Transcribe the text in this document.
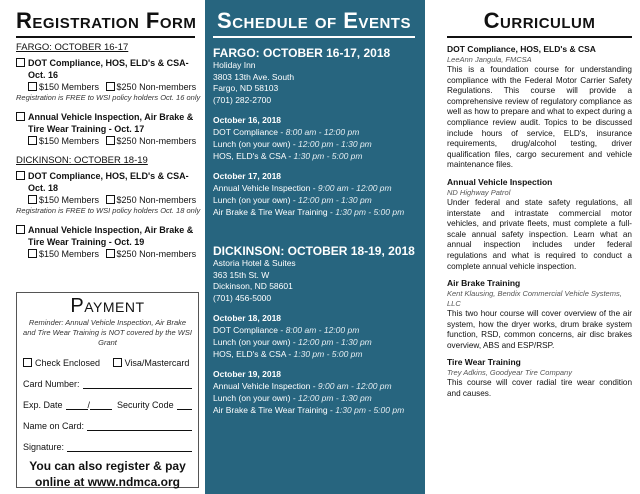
Registration Form
FARGO: OCTOBER 16-17
DOT Compliance, HOS, ELD's & CSA-Oct. 16
$150 Members $250 Non-members
Registration is FREE to WSI policy holders Oct. 16 only
Annual Vehicle Inspection, Air Brake & Tire Wear Training - Oct. 17
$150 Members $250 Non-members
DICKINSON: OCTOBER 18-19
DOT Compliance, HOS, ELD's & CSA-Oct. 18
$150 Members $250 Non-members
Registration is FREE to WSI policy holders Oct. 18 only
Annual Vehicle Inspection, Air Brake & Tire Wear Training - Oct. 19
$150 Members $250 Non-members
Payment
Reminder: Annual Vehicle Inspection, Air Brake and Tire Wear Training is NOT covered by the WSI Grant
Check Enclosed	Visa/Mastercard
Card Number:
Exp. Date	/	Security Code
Name on Card:
Signature:
You can also register & pay online at www.ndmca.org
Schedule of Events
FARGO: OCTOBER 16-17, 2018
Holiday Inn
3803 13th Ave. South
Fargo, ND 58103
(701) 282-2700
October 16, 2018
DOT Compliance - 8:00 am - 12:00 pm
Lunch (on your own) - 12:00 pm - 1:30 pm
HOS, ELD's & CSA - 1:30 pm - 5:00 pm
October 17, 2018
Annual Vehicle Inspection - 9:00 am - 12:00 pm
Lunch (on your own) - 12:00 pm - 1:30 pm
Air Brake & Tire Wear Training - 1:30 pm - 5:00 pm
DICKINSON: OCTOBER 18-19, 2018
Astoria Hotel & Suites
363 15th St. W
Dickinson, ND 58601
(701) 456-5000
October 18, 2018
DOT Compliance - 8:00 am - 12:00 pm
Lunch (on your own) - 12:00 pm - 1:30 pm
HOS, ELD's & CSA - 1:30 pm - 5:00 pm
October 19, 2018
Annual Vehicle Inspection - 9:00 am - 12:00 pm
Lunch (on your own) - 12:00 pm - 1:30 pm
Air Brake & Tire Wear Training - 1:30 pm - 5:00 pm
Curriculum
DOT Compliance, HOS, ELD's & CSA
LeeAnn Jangula, FMCSA
This is a foundation course for understanding compliance with the Federal Motor Carrier Safety Regulations. This course will provide a comprehensive review of regulatory compliance as well as how to prepare and what to expect during a compliance review audit. Topics to be discussed include hours of service, ELD's, insurance requirements, drug/alcohol testing, driver qualification files, cargo securement and vehicle maintenance files.
Annual Vehicle Inspection
ND Highway Patrol
Under federal and state safety regulations, all interstate and intrastate commercial motor vehicles, and private fleets, must complete a full-scale annual safety inspection. Learn what an annual inspection includes under federal regulations and what is required to conduct a complete annual vehicle inspection.
Air Brake Training
Kent Klausing, Bendix Commercial Vehicle Systems, LLC
This two hour course will cover overview of the air system, how the dryer works, drum brake system function, RSD, common concerns, air disc brakes overview, ABS and ESP/RSP.
Tire Wear Training
Trey Adkins, Goodyear Tire Company
This course will cover radial tire wear condition and causes.
